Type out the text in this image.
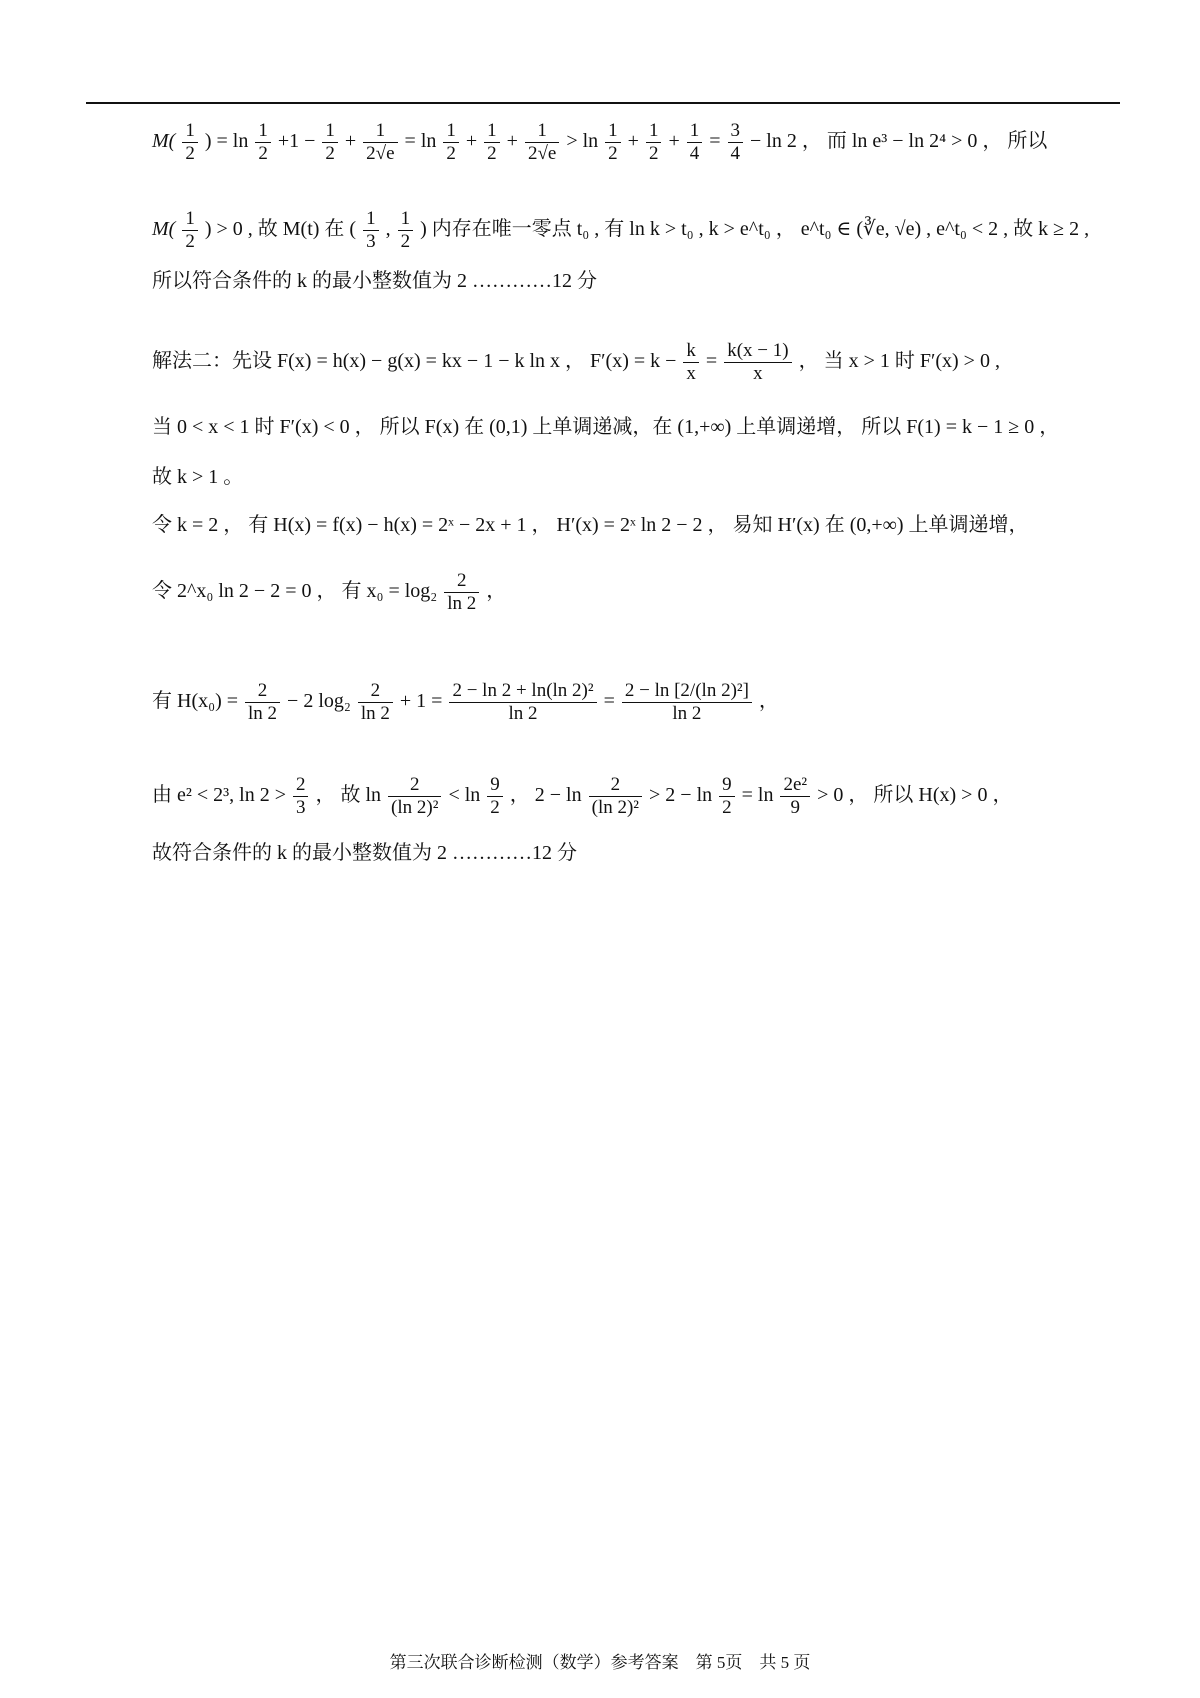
$M( \frac{1}{2}$ ) = $\ln \frac{1}{2} +1 - \frac{1}{2} + \frac{1}{2√e} = \ln \frac{1}{2} + \frac{1}{2} + \frac{1}{2√e} > \ln \frac{1}{2} + \frac{1}{2} + \frac{1}{4} = \frac{3}{4} - \ln 2$ ， 而 ln e³ − ln 2⁴ > 0 ， 所以
$M( \frac{1}{2}$ ) > 0 , 故 M(t) 在 ( $\frac{1}{3}$ , $\frac{1}{2}$ ) 内存在唯一零点 t₀ , 有 ln k > t₀ , k > e^t₀ ， e^t₀ ∈ (∛e, √e) , e^t₀ < 2 , 故 k ≥ 2 ,
所以符合条件的 k 的最小整数值为 2 …………12 分
解法二：先设 F(x) = h(x) − g(x) = kx − 1 − k ln x ， $F'(x) = k - \frac{k}{x} = \frac{k(x - 1)}{x}$ ， 当 x > 1 时 F′(x) > 0 ,
当 0 < x < 1 时 F′(x) < 0 ， 所以 F(x) 在 (0,1) 上单调递减，在 (1,+∞) 上单调递增， 所以 F(1) = k − 1 ≥ 0 ，
故 k > 1 。
令 k = 2 ， 有 H(x) = f(x) − h(x) = 2ˣ − 2x + 1 ， H′(x) = 2ˣ ln 2 − 2 ， 易知 H′(x) 在 (0,+∞) 上单调递增，
令 2^x₀ ln 2 − 2 = 0 ， 有 $x_0 = \log_2 \frac{2}{\ln 2}$ ，
有 $H(x_0) = \frac{2}{\ln 2} - 2$ $\log_2 \frac{2}{\ln 2} + 1 = \frac{\text{2 − ln 2 + ln(ln 2)²}}{\ln 2} = \frac{\text{2 − ln [2/(ln 2)²]}}{\ln 2}$ ，
由 e² < 2³, $\ln 2 > \frac{2}{3}$ ， 故 $\ln \frac{2}{\text{(ln 2)²}} < \ln \frac{9}{2}$ ， $2 - \ln \frac{2}{\text{(ln 2)²}} > 2 - \ln \frac{9}{2} = \ln \frac{\text{2e²}}{9} > 0$ ， 所以 H(x) > 0 ，
故符合条件的 k 的最小整数值为 2 …………12 分
第三次联合诊断检测（数学）参考答案　第 5页　共 5 页
